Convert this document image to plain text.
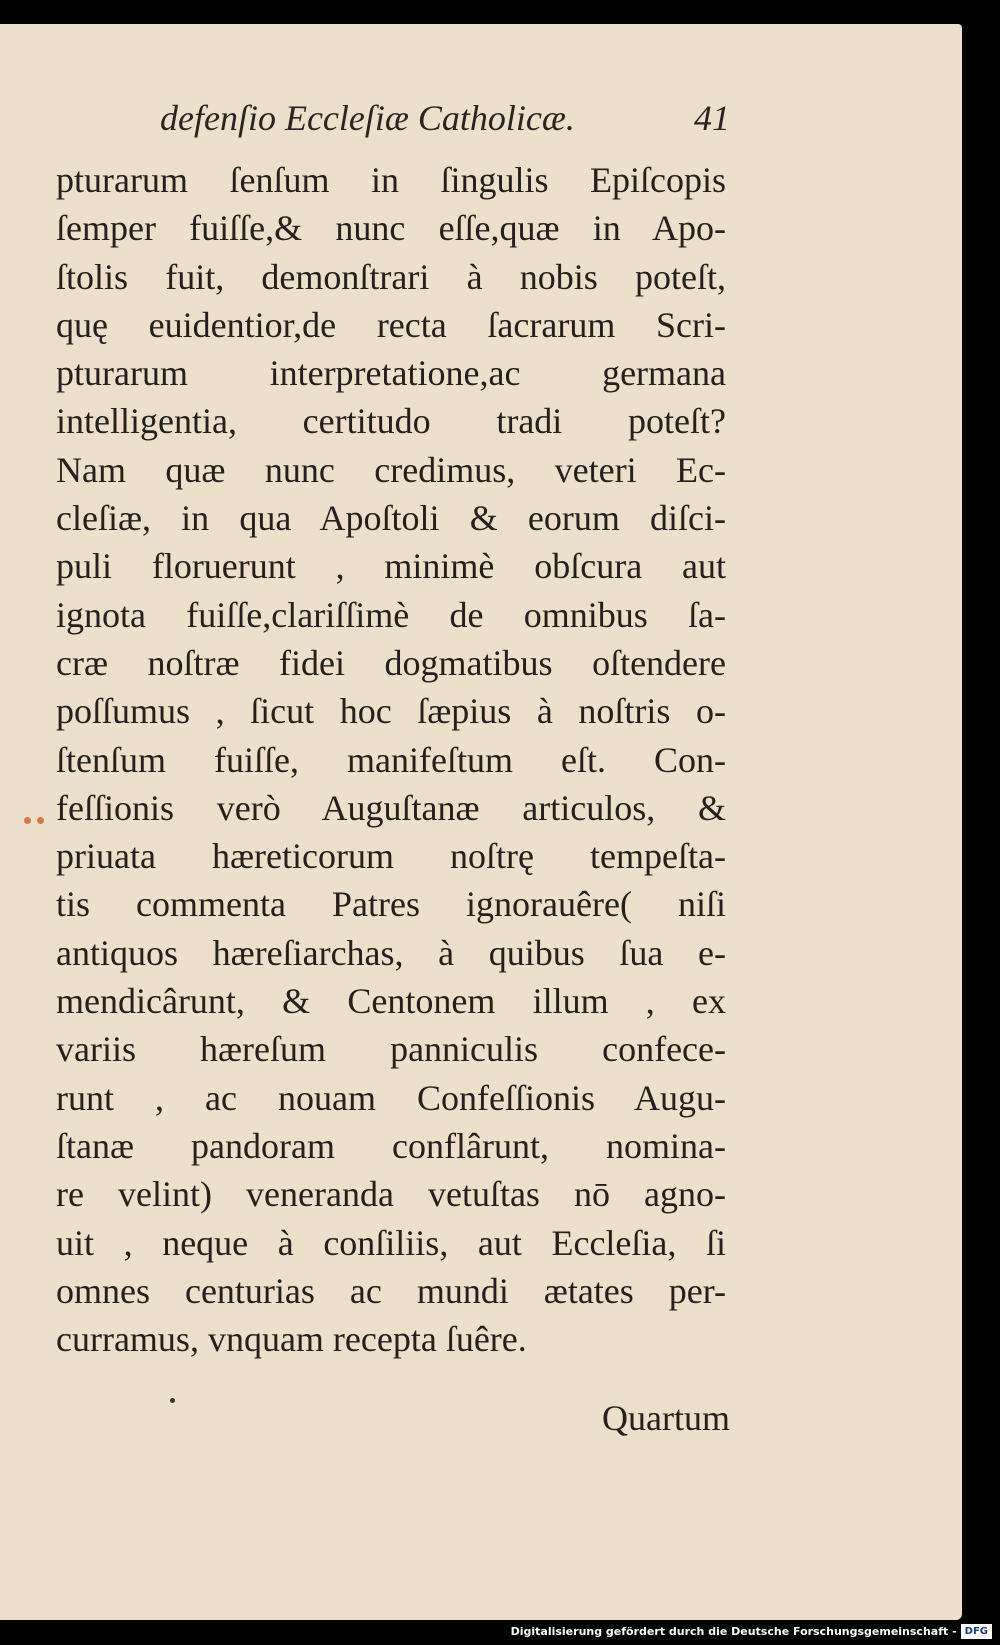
defenſio Eccleſiæ Catholicæ.	41
pturarum ſenſum in ſingulis Epiſcopis
ſemper fuiſſe,& nunc eſſe,quæ in Apo-
ſtolis fuit, demonſtrari à nobis poteſt,
quę euidentior,de recta ſacrarum Scri-
pturarum interpretatione,ac germana
intelligentia, certitudo tradi poteſt?
Nam quæ nunc credimus, veteri Ec-
cleſiæ, in qua Apoſtoli & eorum diſci-
puli floruerunt , minimè obſcura aut
ignota fuiſſe,clariſſimè de omnibus ſa-
cræ noſtræ fidei dogmatibus oſtendere
poſſumus , ſicut hoc ſæpius à noſtris o-
ſtenſum fuiſſe, manifeſtum eſt. Con-
feſſionis verò Auguſtanæ articulos, &
priuata hæreticorum noſtrę tempeſta-
tis commenta Patres ignorauêre( niſi
antiquos hæreſiarchas, à quibus ſua e-
mendicârunt, & Centonem illum , ex
variis hæreſum panniculis confece-
runt , ac nouam Confeſſionis Augu-
ſtanæ pandoram conflârunt, nomina-
re velint) veneranda vetuſtas nō agno-
uit , neque à conſiliis, aut Eccleſia, ſi
omnes centurias ac mundi ætates per-
curramus, vnquam recepta ſuêre.
Quartum
Digitalisierung gefördert durch die Deutsche Forschungsgemeinschaft - DFG
